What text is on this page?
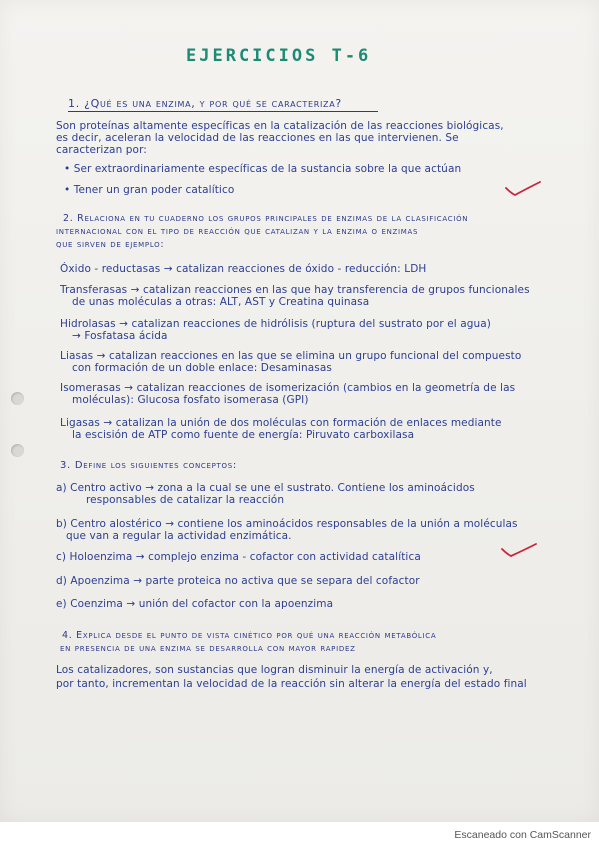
EJERCICIOS T-6
1. ¿Qué es una enzima, y por qué se caracteriza?
Son proteínas altamente específicas en la catalización de las reacciones biológicas,
es decir, aceleran la velocidad de las reacciones en las que intervienen. Se
caracterizan por:
• Ser extraordinariamente específicas de la sustancia sobre la que actúan
• Tener un gran poder catalítico
2. Relaciona en tu cuaderno los grupos principales de enzimas de la clasificación
internacional con el tipo de reacción que catalizan y la enzima o enzimas
que sirven de ejemplo:
Óxido - reductasas → catalizan reacciones de óxido - reducción: LDH
Transferasas → catalizan reacciones en las que hay transferencia de grupos funcionales
de unas moléculas a otras: ALT, AST y Creatina quinasa
Hidrolasas → catalizan reacciones de hidrólisis (ruptura del sustrato por el agua)
→ Fosfatasa ácida
Liasas → catalizan reacciones en las que se elimina un grupo funcional del compuesto
con formación de un doble enlace: Desaminasas
Isomerasas → catalizan reacciones de isomerización (cambios en la geometría de las
moléculas): Glucosa fosfato isomerasa (GPI)
Ligasas → catalizan la unión de dos moléculas con formación de enlaces mediante
la escisión de ATP como fuente de energía: Piruvato carboxilasa
3. Define los siguientes conceptos:
a) Centro activo → zona a la cual se une el sustrato. Contiene los aminoácidos
responsables de catalizar la reacción
b) Centro alostérico → contiene los aminoácidos responsables de la unión a moléculas
que van a regular la actividad enzimática.
c) Holoenzima → complejo enzima - cofactor con actividad catalítica
d) Apoenzima → parte proteica no activa que se separa del cofactor
e) Coenzima → unión del cofactor con la apoenzima
4. Explica desde el punto de vista cinético por qué una reacción metabólica
en presencia de una enzima se desarrolla con mayor rapidez
Los catalizadores, son sustancias que logran disminuir la energía de activación y,
por tanto, incrementan la velocidad de la reacción sin alterar la energía del estado final
Escaneado con CamScanner
